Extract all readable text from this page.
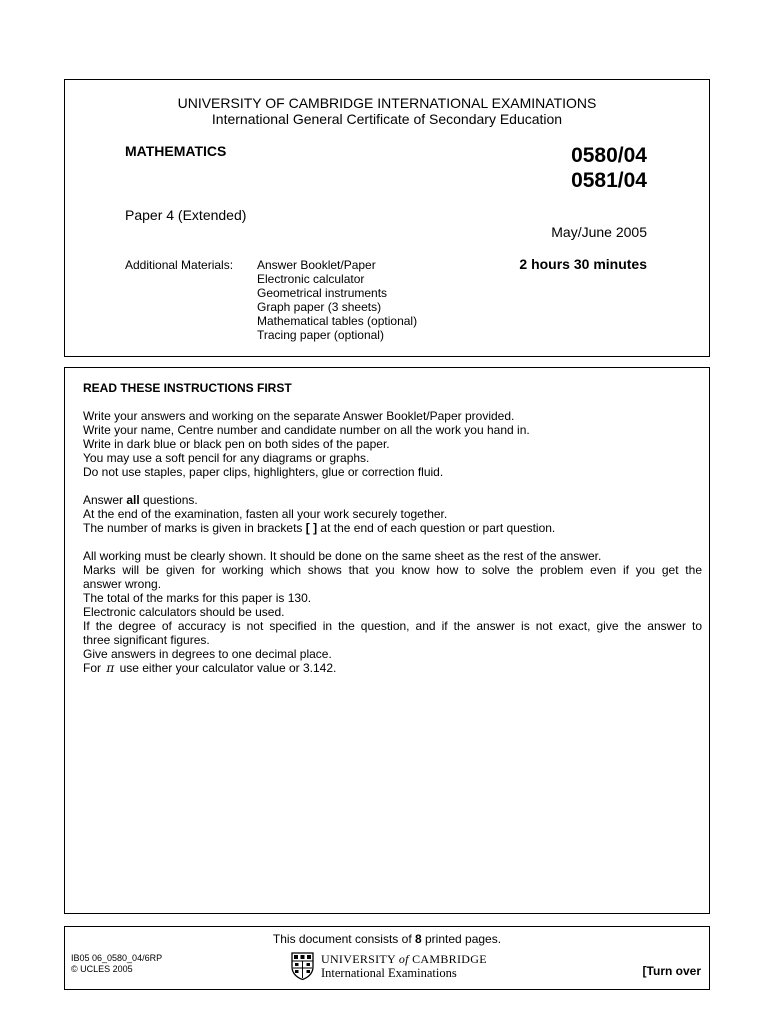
UNIVERSITY OF CAMBRIDGE INTERNATIONAL EXAMINATIONS
International General Certificate of Secondary Education
MATHEMATICS	0580/04
0581/04
Paper 4 (Extended)
May/June 2005
2 hours 30 minutes
Additional Materials: Answer Booklet/Paper
Electronic calculator
Geometrical instruments
Graph paper (3 sheets)
Mathematical tables (optional)
Tracing paper (optional)
READ THESE INSTRUCTIONS FIRST
Write your answers and working on the separate Answer Booklet/Paper provided.
Write your name, Centre number and candidate number on all the work you hand in.
Write in dark blue or black pen on both sides of the paper.
You may use a soft pencil for any diagrams or graphs.
Do not use staples, paper clips, highlighters, glue or correction fluid.
Answer all questions.
At the end of the examination, fasten all your work securely together.
The number of marks is given in brackets [ ] at the end of each question or part question.
All working must be clearly shown. It should be done on the same sheet as the rest of the answer.
Marks will be given for working which shows that you know how to solve the problem even if you get the
answer wrong.
The total of the marks for this paper is 130.
Electronic calculators should be used.
If the degree of accuracy is not specified in the question, and if the answer is not exact, give the answer to
three significant figures.
Give answers in degrees to one decimal place.
For π use either your calculator value or 3.142.
This document consists of 8 printed pages.
IB05 06_0580_04/6RP
© UCLES 2005
UNIVERSITY of CAMBRIDGE
International Examinations	[Turn over
